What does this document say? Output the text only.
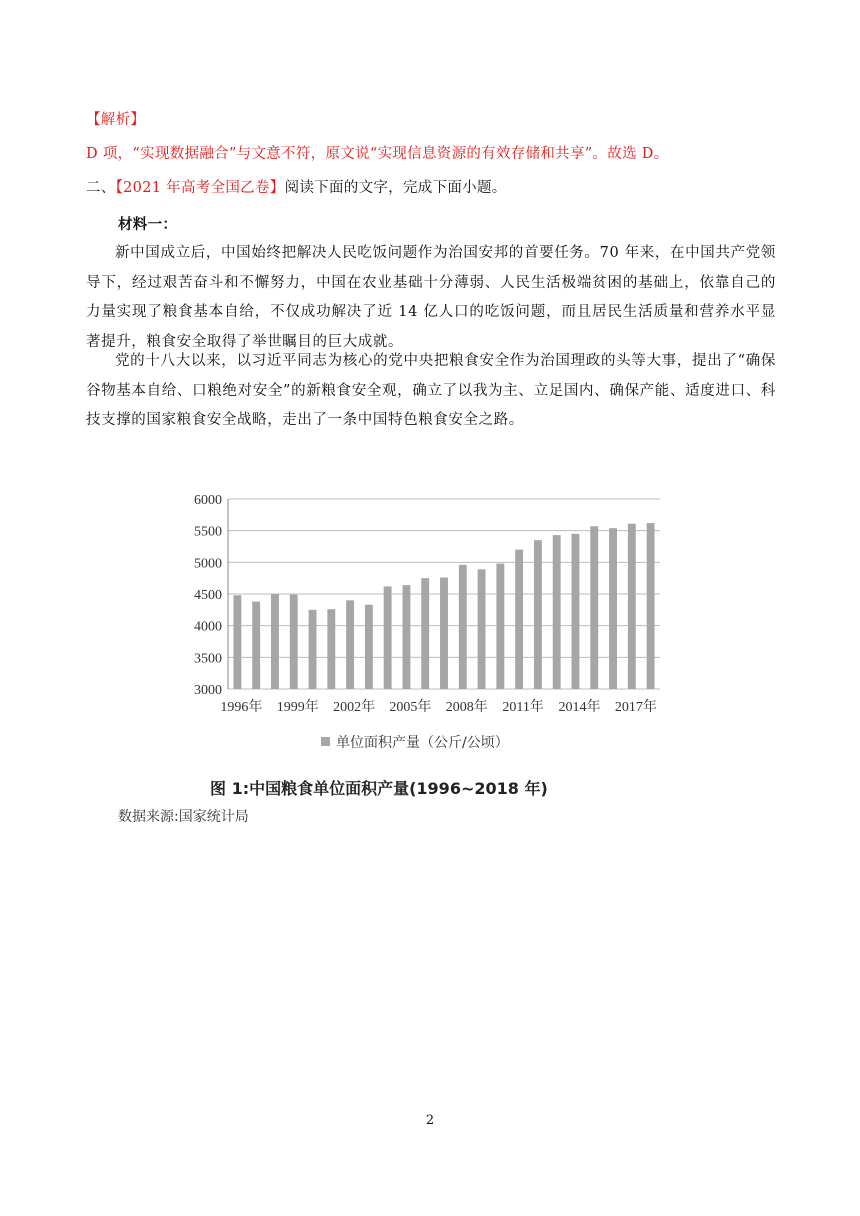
【解析】
D 项，“实现数据融合”与文意不符，原文说“实现信息资源的有效存储和共享”。故选 D。
二、【2021 年高考全国乙卷】阅读下面的文字，完成下面小题。
材料一：
新中国成立后，中国始终把解决人民吃饭问题作为治国安邦的首要任务。70 年来，在中国共产党领导下，经过艰苦奋斗和不懈努力，中国在农业基础十分薄弱、人民生活极端贫困的基础上，依靠自己的力量实现了粮食基本自给，不仅成功解决了近 14 亿人口的吃饭问题，而且居民生活质量和营养水平显著提升，粮食安全取得了举世瞩目的巨大成就。
党的十八大以来，以习近平同志为核心的党中央把粮食安全作为治国理政的头等大事，提出了“确保谷物基本自给、口粮绝对安全”的新粮食安全观，确立了以我为主、立足国内、确保产能、适度进口、科技支撑的国家粮食安全战略，走出了一条中国特色粮食安全之路。
3000
3500
4000
4500
5000
5500
6000
1996年 1999年 2002年 2005年 2008年 2011年 2014年 2017年
单位面积产量（公斤/公顷）
图 1:中国粮食单位面积产量(1996~2018 年)
数据来源:国家统计局
2
